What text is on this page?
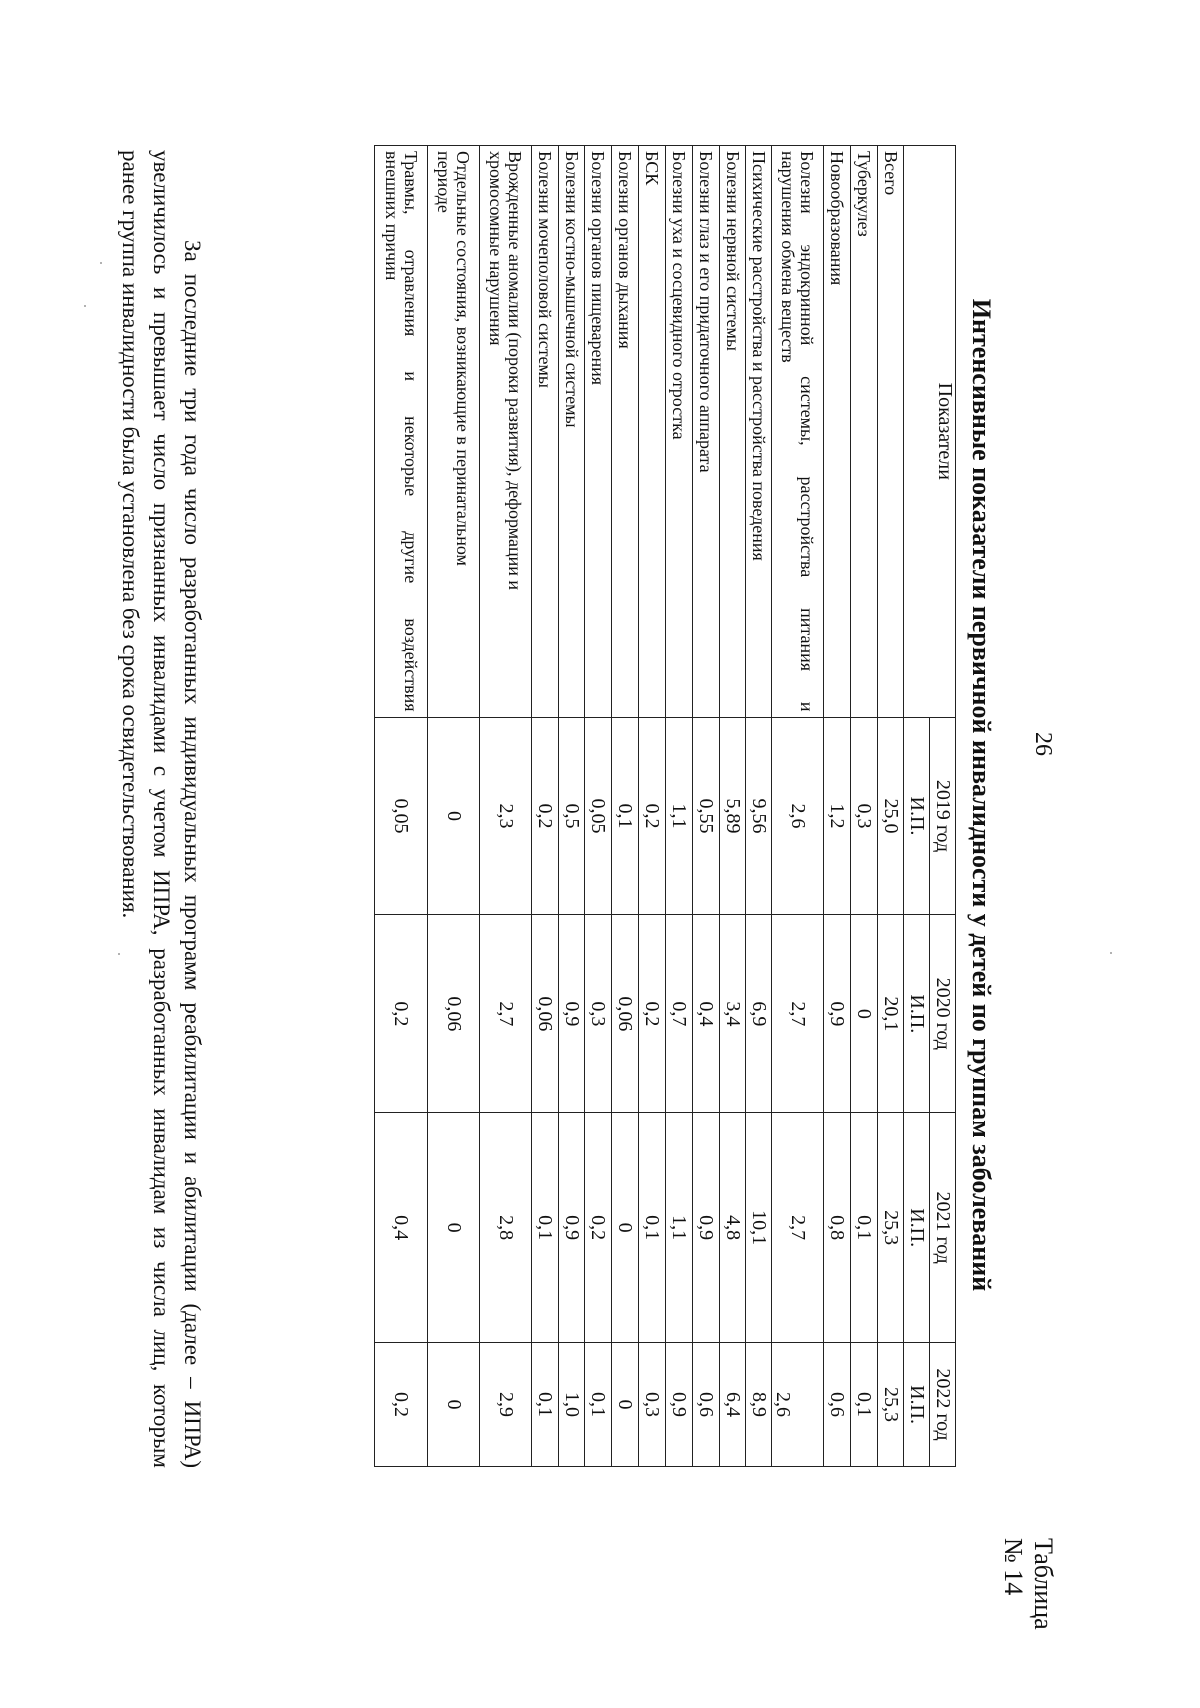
26
Таблица № 14
Интенсивные показатели первичной инвалидности у детей по группам заболеваний
Показатели	2019 год	2020 год	2021 год	2022 год
	И.П.	И.П.	И.П.	И.П.
Всего	25,0	20,1	25,3	25,3
Туберкулез	0,3	0	0,1	0,1
Новообразования	1,2	0,9	0,8	0,6

Болезни эндокринной системы, расстройства питания и
нарушения обмена веществ	2,6	2,7	2,7	2,6
Психические расстройства и расстройства поведения	9,56	6,9	10,1	8,9
Болезни нервной системы	5,89	3,4	4,8	6,4
Болезни глаз и его придаточного аппарата	0,55	0,4	0,9	0,6
Болезни уха и сосцевидного отростка	1,1	0,7	1,1	0,9
БСК	0,2	0,2	0,1	0,3
Болезни органов дыхания	0,1	0,06	0	0
Болезни органов пищеварения	0,05	0,3	0,2	0,1
Болезни костно-мышечной системы	0,5	0,9	0,9	1,0
Болезни мочеполовой системы	0,2	0,06	0,1	0,1

Врожденные аномалии (пороки развития), деформации и
хромосомные нарушения	2,3	2,7	2,8	2,9

Отдельные состояния, возникающие в перинатальном
периоде	0	0,06	0	0

Травмы, отравления и некоторые другие воздействия
внешних причин	0,05	0,2	0,4	0,2
За последние три года число разработанных индивидуальных программ реабилитации и абилитации (далее – ИПРА)
увеличилось и превышает число признанных инвалидами с учетом ИПРА, разработанных инвалидам из числа лиц, которым
ранее группа инвалидности была установлена без срока освидетельствования.
